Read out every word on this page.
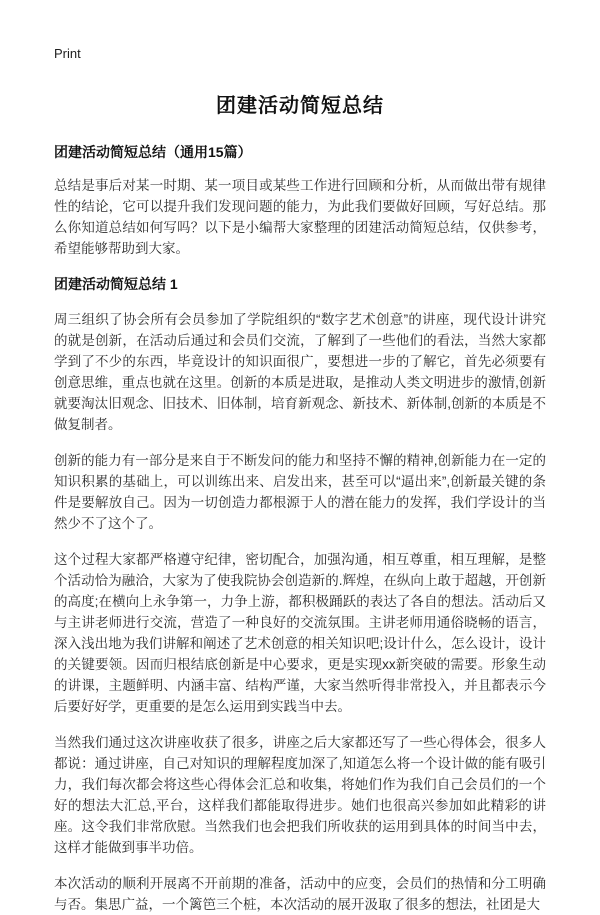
Print
团建活动简短总结
团建活动简短总结（通用15篇）

总结是事后对某一时期、某一项目或某些工作进行回顾和分析，从而做出带有规律性的结论，它可以提升我们发现问题的能力，为此我们要做好回顾，写好总结。那么你知道总结如何写吗？以下是小编帮大家整理的团建活动简短总结，仅供参考，希望能够帮助到大家。

团建活动简短总结 1

周三组织了协会所有会员参加了学院组织的“数字艺术创意”的讲座，现代设计讲究的就是创新，在活动后通过和会员们交流，了解到了一些他们的看法，当然大家都学到了不少的东西，毕竟设计的知识面很广，要想进一步的了解它，首先必须要有创意思维，重点也就在这里。创新的本质是进取，是推动人类文明进步的激情,创新就要淘汰旧观念、旧技术、旧体制，培育新观念、新技术、新体制,创新的本质是不做复制者。

创新的能力有一部分是来自于不断发问的能力和坚持不懈的精神,创新能力在一定的知识积累的基础上，可以训练出来、启发出来，甚至可以“逼出来”,创新最关键的条件是要解放自己。因为一切创造力都根源于人的潜在能力的发挥，我们学设计的当然少不了这个了。

这个过程大家都严格遵守纪律，密切配合，加强沟通，相互尊重，相互理解，是整个活动恰为融洽，大家为了使我院协会创造新的.辉煌，在纵向上敢于超越，开创新的高度;在横向上永争第一，力争上游，都积极踊跃的表达了各自的想法。活动后又与主讲老师进行交流，营造了一种良好的交流氛围。主讲老师用通俗晓畅的语言，深入浅出地为我们讲解和阐述了艺术创意的相关知识吧;设计什么，怎么设计，设计的关键要领。因而归根结底创新是中心要求，更是实现xx新突破的需要。形象生动的讲课，主题鲜明、内涵丰富、结构严谨，大家当然听得非常投入，并且都表示今后要好好学，更重要的是怎么运用到实践当中去。

当然我们通过这次讲座收获了很多，讲座之后大家都还写了一些心得体会，很多人都说：通过讲座，自己对知识的理解程度加深了,知道怎么将一个设计做的能有吸引力，我们每次都会将这些心得体会汇总和收集，将她们作为我们自己会员们的一个好的想法大汇总,平台，这样我们都能取得进步。她们也很高兴参加如此精彩的讲座。这令我们非常欣慰。当然我们也会把我们所收获的运用到具体的时间当中去，这样才能做到事半功倍。

本次活动的顺利开展离不开前期的准备，活动中的应变，会员们的热情和分工明确与否。集思广益，一个篱笆三个桩，本次活动的展开汲取了很多的想法，社团是大
